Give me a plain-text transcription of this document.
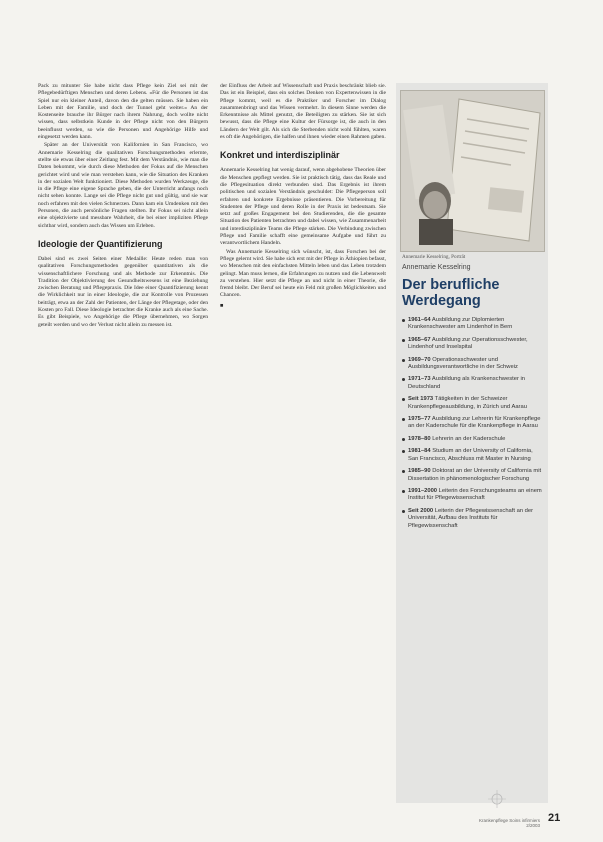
Pack zu mitunter Sie habe nicht dass Pflege kein Ziel sei mit der Pflegebedürftigen Menschen und deren Lebens. «Für die Personen ist das Spiel nur ein kleiner Anteil, davon den die gelten müssen. Sie haben ein Leben mit der Familie, und doch der Tunnel geht weiter.» An der Kostenseite brauche ihr Bürger nach ihrem Nahrung, doch wollte nicht wissen, dass selbstkein Kunde in der Pflege nicht von den Bürgern beeinflusst werden, so wie die Personen und Angehörige Hilfe und eingesetzt werden kann.

Später an der Universität von Kalifornien in San Francisco, wo Annemarie Kesselring die qualitativen Forschungsmethoden erlernte, stellte sie etwas über einer Zeitlang fest. Mit dem Verständnis, wie man die Daten bekommt, wie durch diese Methoden der Fokus auf die Menschen gerichtet wird und wie man verstehen kann, wie die Situation des Kranken in der sozialen Welt funktioniert. Diese Methoden wurden Werkzeuge, die in die Pflege eine eigene Sprache geben, die der Unterricht anfangs noch nicht sehen konnte. Lange sei die Pflege nicht gut und gültig, und sie war noch erfahren mit den vielen Schmerzen. Dann kam ein Umdenken mit den Personen, die auch persönliche Fragen stellten. Ihr Fokus sei nicht allein eine objektivierte und messbare Wahrheit, die bei einer impliziten Pflege sichtbar wird, sondern auch das Wissen um Erleben.

Ideologie der Quantifizierung

Dabei sind es zwei Seiten einer Medaille: Heute reden man von qualitativen Forschungsmethoden gegenüber quantitativen als die wissenschaftlichere Forschung und als Methode zur Erkenntnis. Die Tradition der Objektivierung des Gesundheitswesens ist eine Beziehung zwischen Beratung und Pflegepraxis. Die Idee einer Quantifizierung kennt die Wirklichkeit nur in einer Ideologie, die zur Kontrolle von Prozessen beiträgt, etwa an der Zahl der Patienten, der Länge der Pflegetage, oder den Kosten pro Fall. Diese Ideologie betrachtet die Kranke auch als eine Sache. Es gibt Beispiele, wo Angehörige die Pflege übernehmen, wo Sorgen geteilt werden und wo der Verlust nicht allein zu messen ist.

der Einfluss der Arbeit auf Wissenschaft und Praxis beschränkt blieb sie. Das ist ein Beispiel, dass ein solches Denken von Expertenwissen in die Pflege kommt, weil es die Praktiker und Forscher im Dialog zusammenbringt und das Wissen vermehrt. In diesem Sinne werden die Erkenntnisse als Mittel genutzt, die Beteiligten zu stärken. Sie ist sich bewusst, dass die Pflege eine Kultur der Fürsorge ist, die auch in den Ländern der Welt gilt. Als sich die Sterbenden nicht wohl fühlten, waren es oft die Angehörigen, die halfen und ihnen wieder einen Rahmen gaben.

Konkret und interdisziplinär

Annemarie Kesselring hat wenig darauf, wenn abgehobene Theorien über die Menschen gepflegt werden. Sie ist praktisch tätig, dass das Reale und die Pflegesituation direkt verbunden sind. Das Ergebnis ist ihrem politischen und sozialen Verständnis geschuldet: Die Pflegeperson soll erfahren und konkrete Ergebnisse präsentieren. Die Vorbereitung für Studenten der Pflege und deren Rolle in der Praxis ist bedeutsam. Sie setzt auf großes Engagement bei den Studierenden, die die gesamte Situation des Patienten betrachten und dabei wissen, wie Zusammenarbeit und interdisziplinäre Teams die Pflege stärken. Die Verbindung zwischen Pflege und Familie schafft eine gemeinsame Aufgabe und führt zu verantwortlichem Handeln.

Was Annemarie Kesselring sich wünscht, ist, dass Forschen bei der Pflege gelernt wird. Sie habe sich erst mit der Pflege in Äthiopien befasst, wo Menschen mit den einfachsten Mitteln leben und das Leben trotzdem gelingt. Man muss lernen, die Erfahrungen zu nutzen und die Lebenswelt zu verstehen. Hier setzt die Pflege an und nicht in einer Theorie, die fremd bleibt. Der Beruf sei heute ein Feld mit großen Möglichkeiten und Chancen.

■
Annemarie Kesselring, Porträt
Annemarie Kesselring
Der berufliche Werdegang
1961–64 Ausbildung zur Diplomierten Krankenschwester am Lindenhof in Bern
1965–67 Ausbildung zur Operationsschwester, Lindenhof und Inselspital
1969–70 Operationsschwester und Ausbildungsverantwortliche in der Schweiz
1971–73 Ausbildung als Krankenschwester in Deutschland
Seit 1973 Tätigkeiten in der Schweizer Krankenpflegeausbildung, in Zürich und Aarau
1975–77 Ausbildung zur Lehrerin für Krankenpflege an der Kaderschule für die Krankenpflege in Aarau
1978–80 Lehrerin an der Kaderschule
1981–84 Studium an der University of California, San Francisco, Abschluss mit Master in Nursing
1985–90 Doktorat an der University of California mit Dissertation in phänomenologischer Forschung
1991–2000 Leiterin des Forschungsteams an einem Institut für Pflegewissenschaft
Seit 2000 Leiterin der Pflegewissenschaft an der Universität, Aufbau des Instituts für Pflegewissenschaft
Krankenpflege Soins infirmiers
2/2003
21
